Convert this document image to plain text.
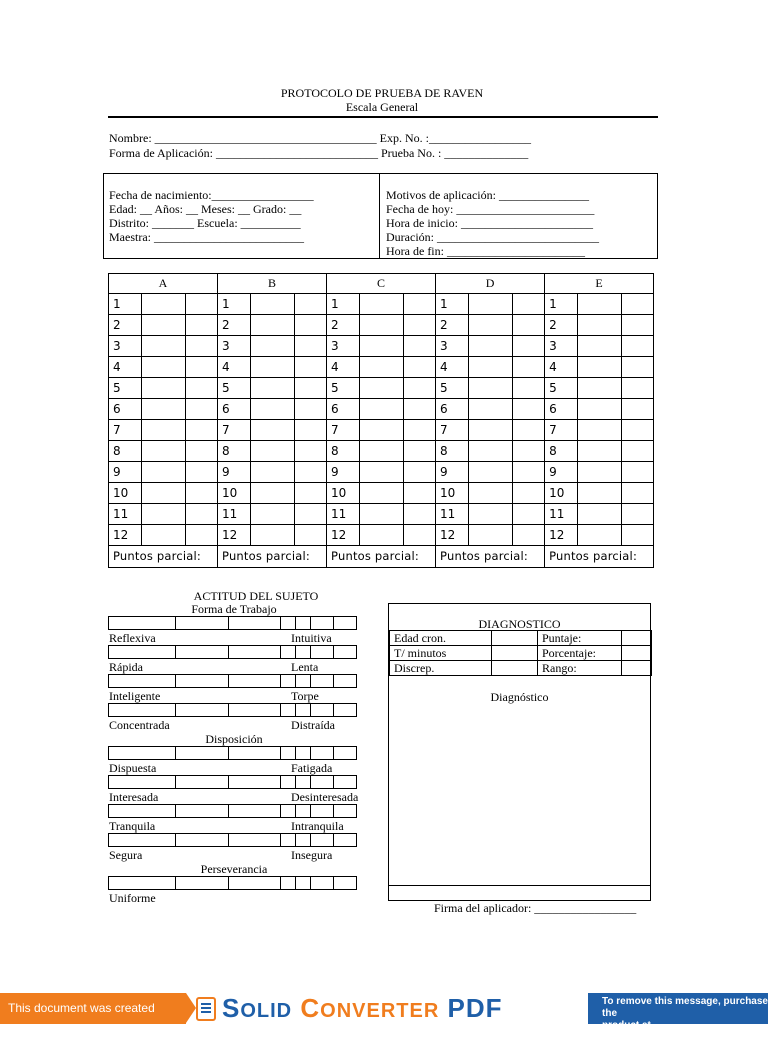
PROTOCOLO DE PRUEBA DE RAVEN
Escala General
Nombre: _____________________________________ Exp. No. :_________________
Forma de Aplicación: ___________________________ Prueba No. : ______________
Fecha de nacimiento:_________________
Edad: __ Años: __ Meses: __ Grado: __
Distrito: _______ Escuela: __________
Maestra: _________________________
Motivos de aplicación: _______________
Fecha de hoy: _______________________
Hora de inicio: ______________________
Duración: ___________________________
Hora de fin: _______________________
A			B			C			D			E		
1			1			1			1			1		
2			2			2			2			2		
3			3			3			3			3		
4			4			4			4			4		
5			5			5			5			5		
6			6			6			6			6		
7			7			7			7			7		
8			8			8			8			8		
9			9			9			9			9		
10			10			10			10			10		
11			11			11			11			11		
12			12			12			12			12		
Puntos parcial:			Puntos parcial:			Puntos parcial:			Puntos parcial:			Puntos parcial:		
ACTITUD DEL SUJETO
Forma de Trabajo
Reflexiva	Intuitiva
Rápida	Lenta
Inteligente	Torpe
Concentrada	Distraída
Disposición
Dispuesta	Fatigada
Interesada	Desinteresada
Tranquila	Intranquila
Segura	Insegura
Perseverancia
Uniforme
DIAGNOSTICO
Edad cron.		Puntaje:	
T/ minutos		Porcentaje:	
Discrep.		Rango:	
Diagnóstico
Firma del aplicador: _________________
This document was created using
SOLID CONVERTER PDF	To remove this message, purchase the
product at www.SolidDocuments.com
